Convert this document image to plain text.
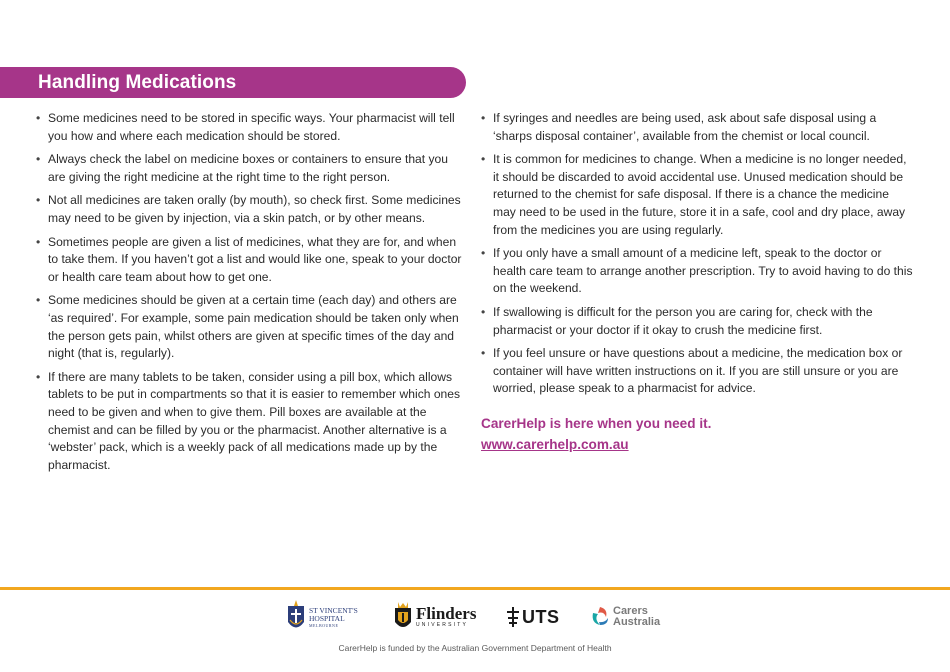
Handling Medications
• Some medicines need to be stored in specific ways. Your pharmacist will tell you how and where each medication should be stored.
• Always check the label on medicine boxes or containers to ensure that you are giving the right medicine at the right time to the right person.
• Not all medicines are taken orally (by mouth), so check first. Some medicines may need to be given by injection, via a skin patch, or by other means.
• Sometimes people are given a list of medicines, what they are for, and when to take them. If you haven’t got a list and would like one, speak to your doctor or health care team about how to get one.
• Some medicines should be given at a certain time (each day) and others are ‘as required’. For example, some pain medication should be taken only when the person gets pain, whilst others are given at specific times of the day and night (that is, regularly).
• If there are many tablets to be taken, consider using a pill box, which allows tablets to be put in compartments so that it is easier to remember which ones need to be given and when to give them. Pill boxes are available at the chemist and can be filled by you or the pharmacist. Another alternative is a ‘webster’ pack, which is a weekly pack of all medications made up by the pharmacist.
• If syringes and needles are being used, ask about safe disposal using a ‘sharps disposal container’, available from the chemist or local council.
• It is common for medicines to change. When a medicine is no longer needed, it should be discarded to avoid accidental use. Unused medication should be returned to the chemist for safe disposal. If there is a chance the medicine may need to be used in the future, store it in a safe, cool and dry place, away from the medicines you are using regularly.
• If you only have a small amount of a medicine left, speak to the doctor or health care team to arrange another prescription. Try to avoid having to do this on the weekend.
• If swallowing is difficult for the person you are caring for, check with the pharmacist or your doctor if it okay to crush the medicine first.
• If you feel unsure or have questions about a medicine, the medication box or container will have written instructions on it. If you are still unsure or you are worried, please speak to a pharmacist for advice.
CarerHelp is here when you need it.
www.carerhelp.com.au
ST VINCENT'S
HOSPITAL
MELBOURNE
Flinders
UNIVERSITY	UTS	Carers
Australia
CarerHelp is funded by the Australian Government Department of Health
